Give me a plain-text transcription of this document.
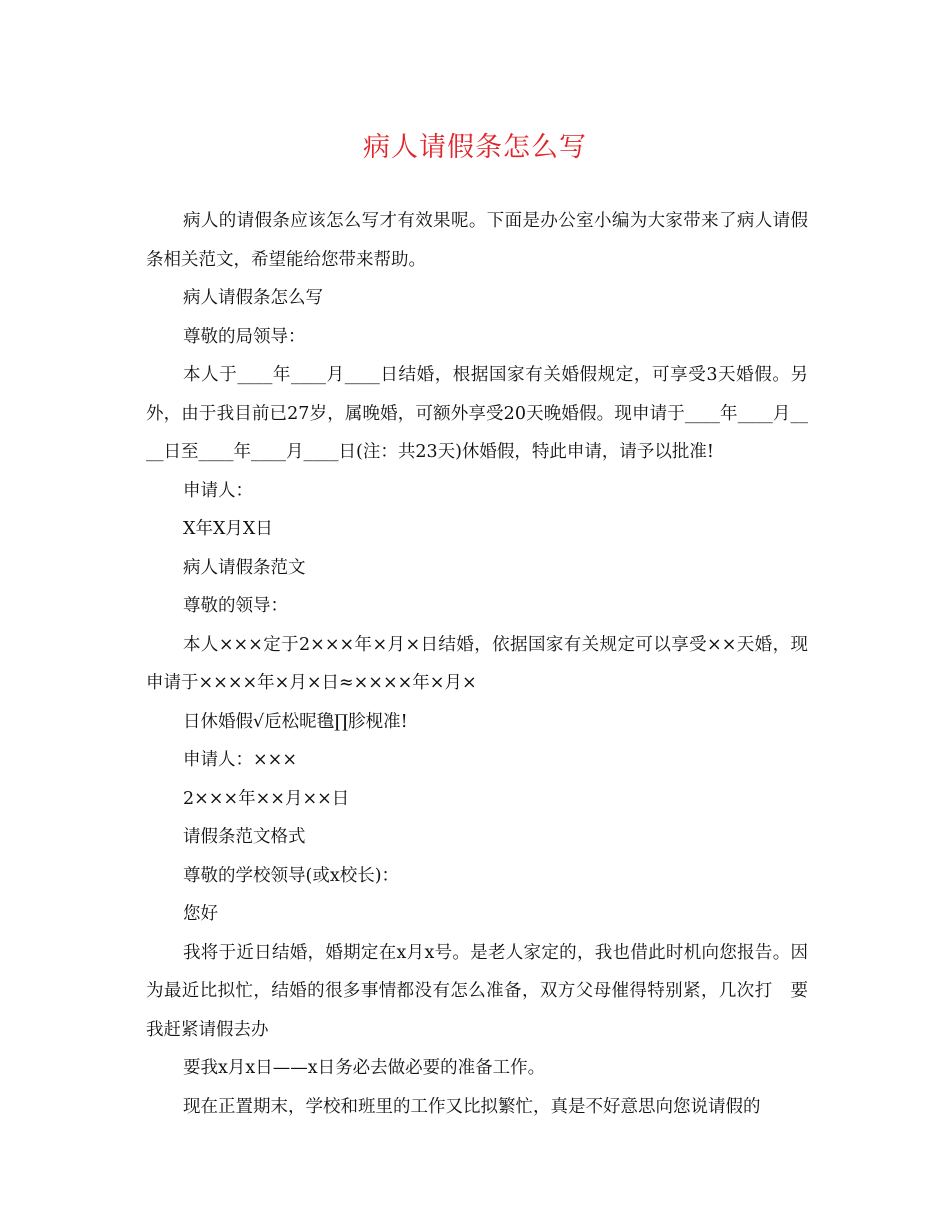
病人请假条怎么写

病人的请假条应该怎么写才有效果呢。下面是办公室小编为大家带来了病人请假条相关范文，希望能给您带来帮助。

病人请假条怎么写

尊敬的局领导：

本人于____年____月____日结婚，根据国家有关婚假规定，可享受3天婚假。另外，由于我目前已27岁，属晚婚，可额外享受20天晚婚假。现申请于____年____月____日至____年____月____日(注：共23天)休婚假，特此申请，请予以批准!

申请人：

X年X月X日

病人请假条范文

尊敬的领导：

本人×××定于2×××年×月×日结婚，依据国家有关规定可以享受××天婚，现申请于××××年×月×日≈××××年×月×

日休婚假√卮松昵氇∏胗枧准!

申请人：×××

2×××年××月××日

请假条范文格式

尊敬的学校领导(或x校长)：

您好

我将于近日结婚，婚期定在x月x号。是老人家定的，我也借此时机向您报告。因为最近比拟忙，结婚的很多事情都没有怎么准备，双方父母催得特别紧，几次打　要我赶紧请假去办

要我x月x日——x日务必去做必要的准备工作。

现在正置期末，学校和班里的工作又比拟繁忙，真是不好意思向您说请假的
